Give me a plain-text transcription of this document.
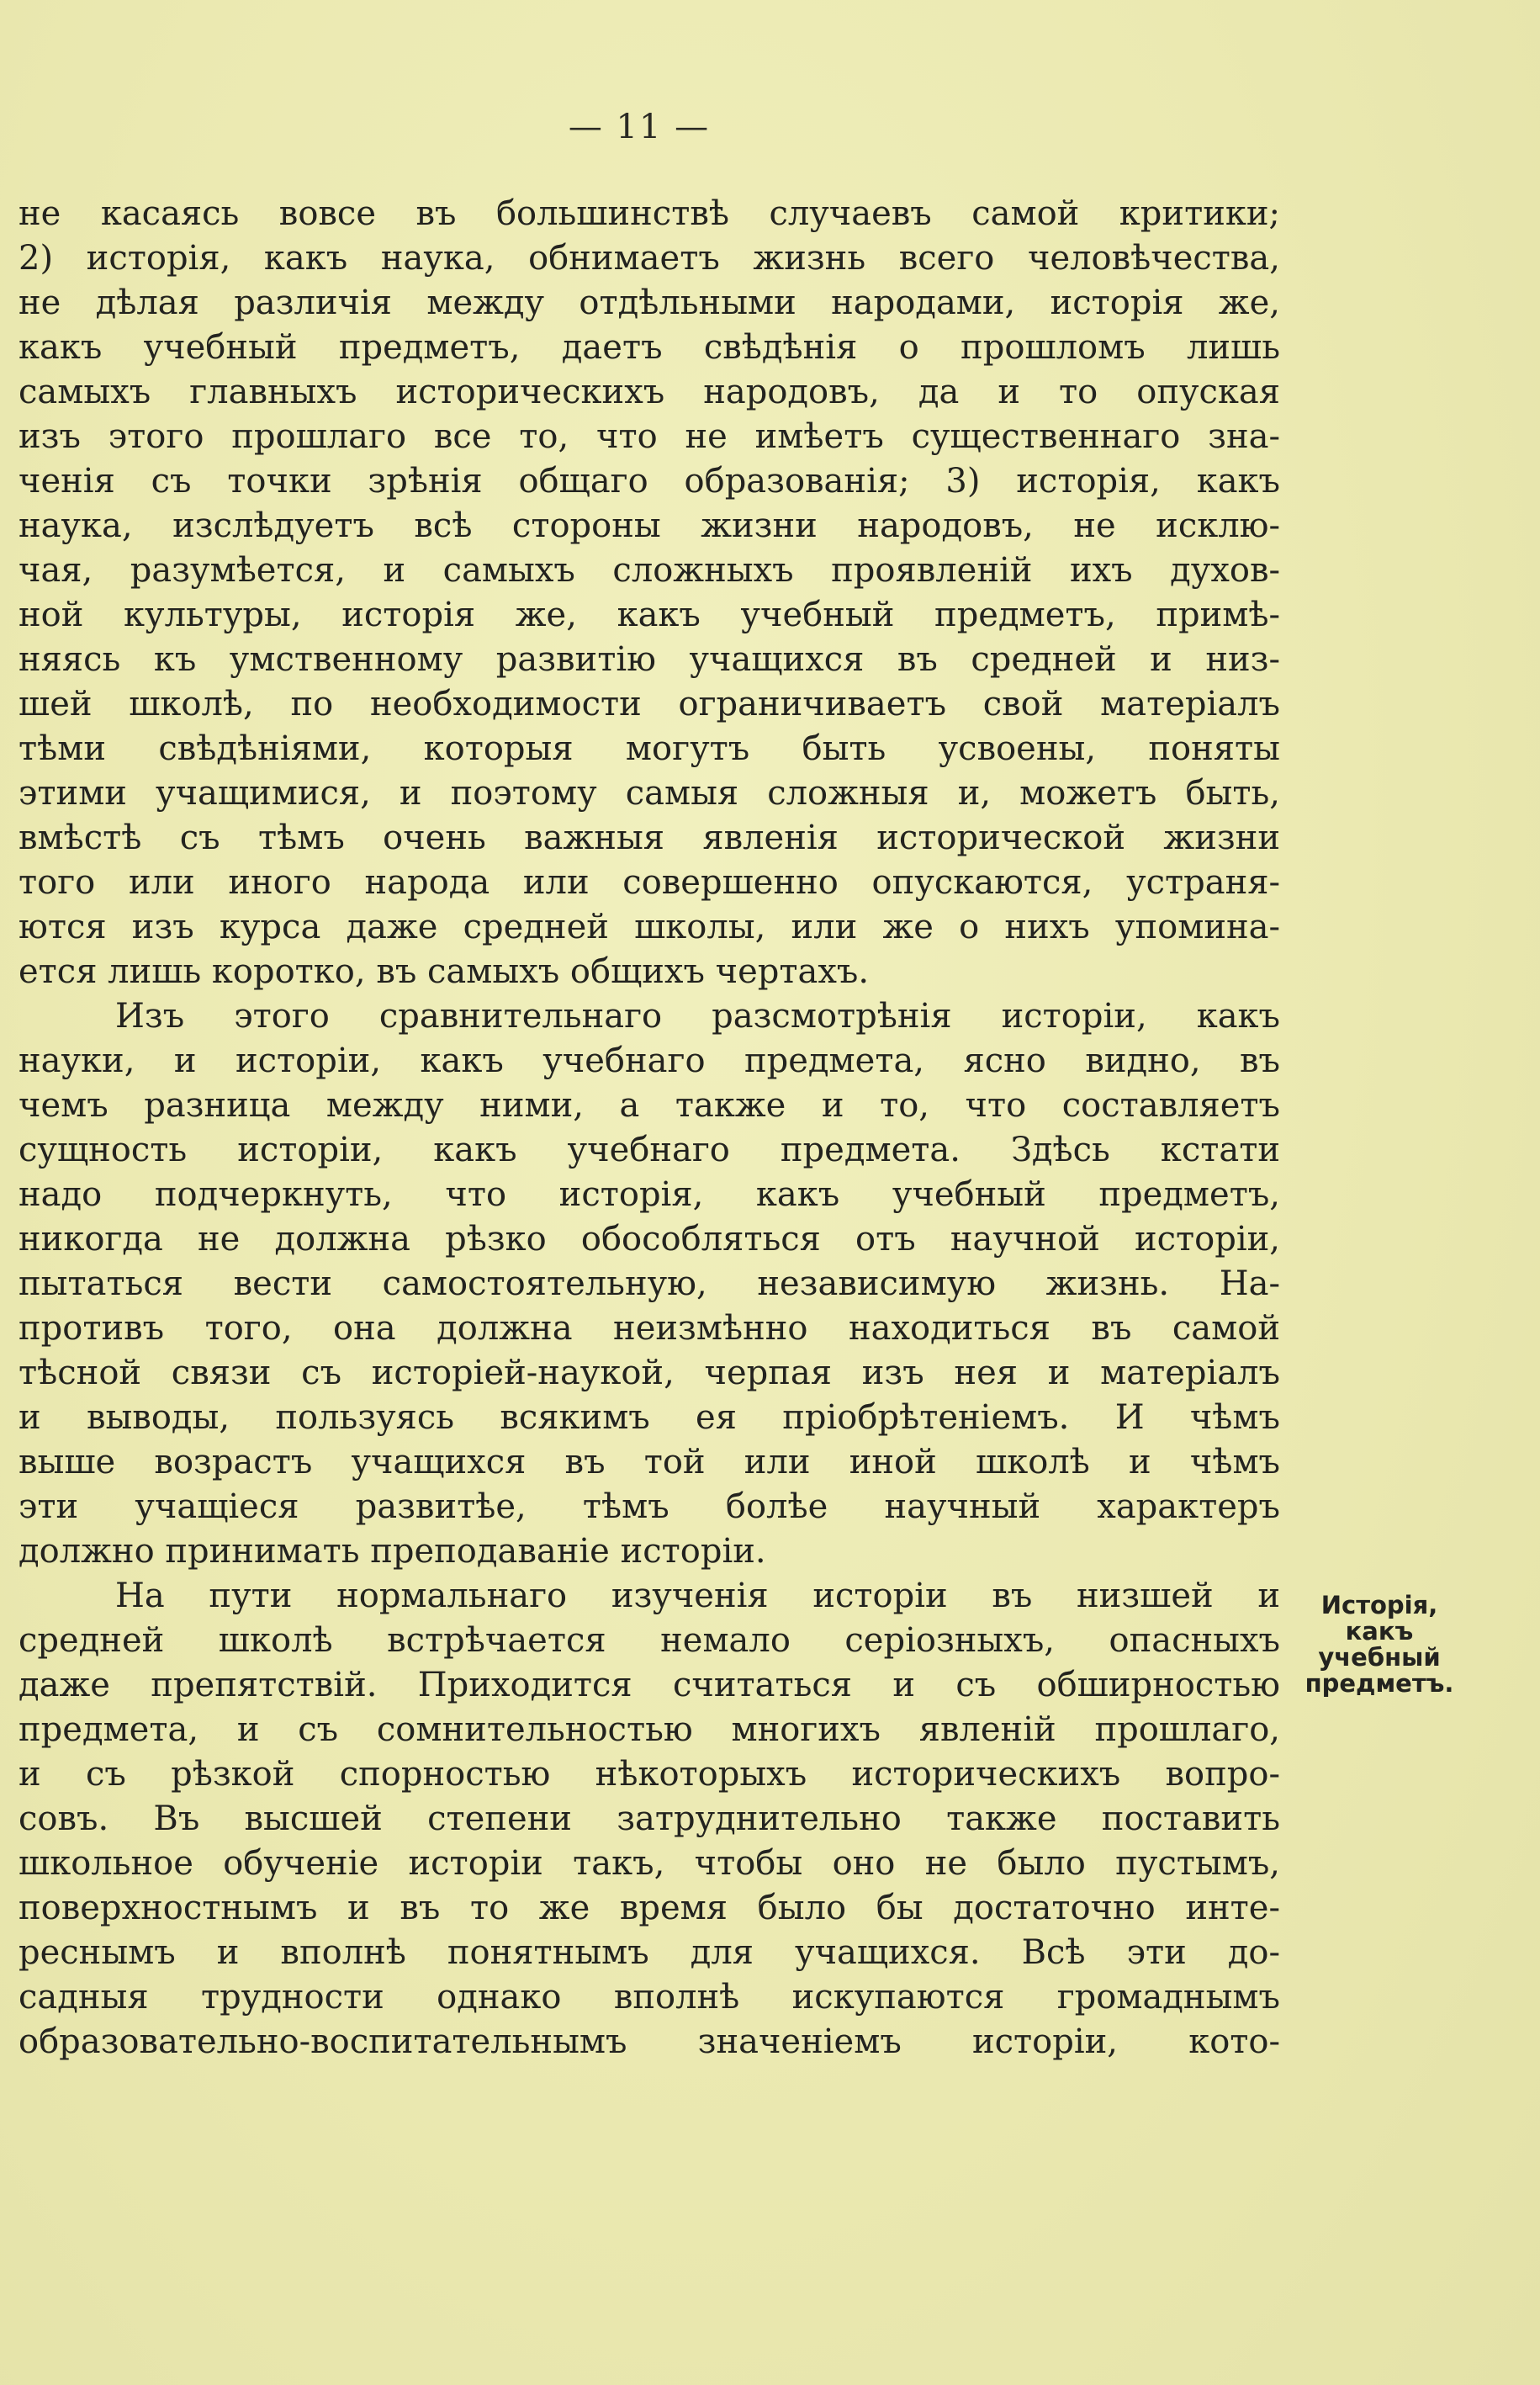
— 11 —
не касаясь вовсе въ большинствѣ случаевъ самой критики;
2) исторія, какъ наука, обнимаетъ жизнь всего человѣчества,
не дѣлая различія между отдѣльными народами, исторія же,
какъ учебный предметъ, даетъ свѣдѣнія о прошломъ лишь
самыхъ главныхъ историческихъ народовъ, да и то опуская
изъ этого прошлаго все то, что не имѣетъ существеннаго зна-
ченія съ точки зрѣнія общаго образованія; 3) исторія, какъ
наука, изслѣдуетъ всѣ стороны жизни народовъ, не исклю-
чая, разумѣется, и самыхъ сложныхъ проявленій ихъ духов-
ной культуры, исторія же, какъ учебный предметъ, примѣ-
няясь къ умственному развитію учащихся въ средней и низ-
шей школѣ, по необходимости ограничиваетъ свой матеріалъ
тѣми свѣдѣніями, которыя могутъ быть усвоены, поняты
этими учащимися, и поэтому самыя сложныя и, можетъ быть,
вмѣстѣ съ тѣмъ очень важныя явленія исторической жизни
того или иного народа или совершенно опускаются, устраня-
ются изъ курса даже средней школы, или же о нихъ упомина-
ется лишь коротко, въ самыхъ общихъ чертахъ.
Изъ этого сравнительнаго разсмотрѣнія исторіи, какъ
науки, и исторіи, какъ учебнаго предмета, ясно видно, въ
чемъ разница между ними, а также и то, что составляетъ
сущность исторіи, какъ учебнаго предмета. Здѣсь кстати
надо подчеркнуть, что исторія, какъ учебный предметъ,
никогда не должна рѣзко обособляться отъ научной исторіи,
пытаться вести самостоятельную, независимую жизнь. На-
противъ того, она должна неизмѣнно находиться въ самой
тѣсной связи съ исторіей-наукой, черпая изъ нея и матеріалъ
и выводы, пользуясь всякимъ ея пріобрѣтеніемъ. И чѣмъ
выше возрастъ учащихся въ той или иной школѣ и чѣмъ
эти учащіеся развитѣе, тѣмъ болѣе научный характеръ
должно принимать преподаваніе исторіи.
На пути нормальнаго изученія исторіи въ низшей и
средней школѣ встрѣчается немало серіозныхъ, опасныхъ
даже препятствій. Приходится считаться и съ обширностью
предмета, и съ сомнительностью многихъ явленій прошлаго,
и съ рѣзкой спорностью нѣкоторыхъ историческихъ вопро-
совъ. Въ высшей степени затруднительно также поставить
школьное обученіе исторіи такъ, чтобы оно не было пустымъ,
поверхностнымъ и въ то же время было бы достаточно инте-
реснымъ и вполнѣ понятнымъ для учащихся. Всѣ эти до-
садныя трудности однако вполнѣ искупаются громаднымъ
образовательно-воспитательнымъ значеніемъ исторіи, кото-
Исторія,
какъ
учебный
предметъ.
